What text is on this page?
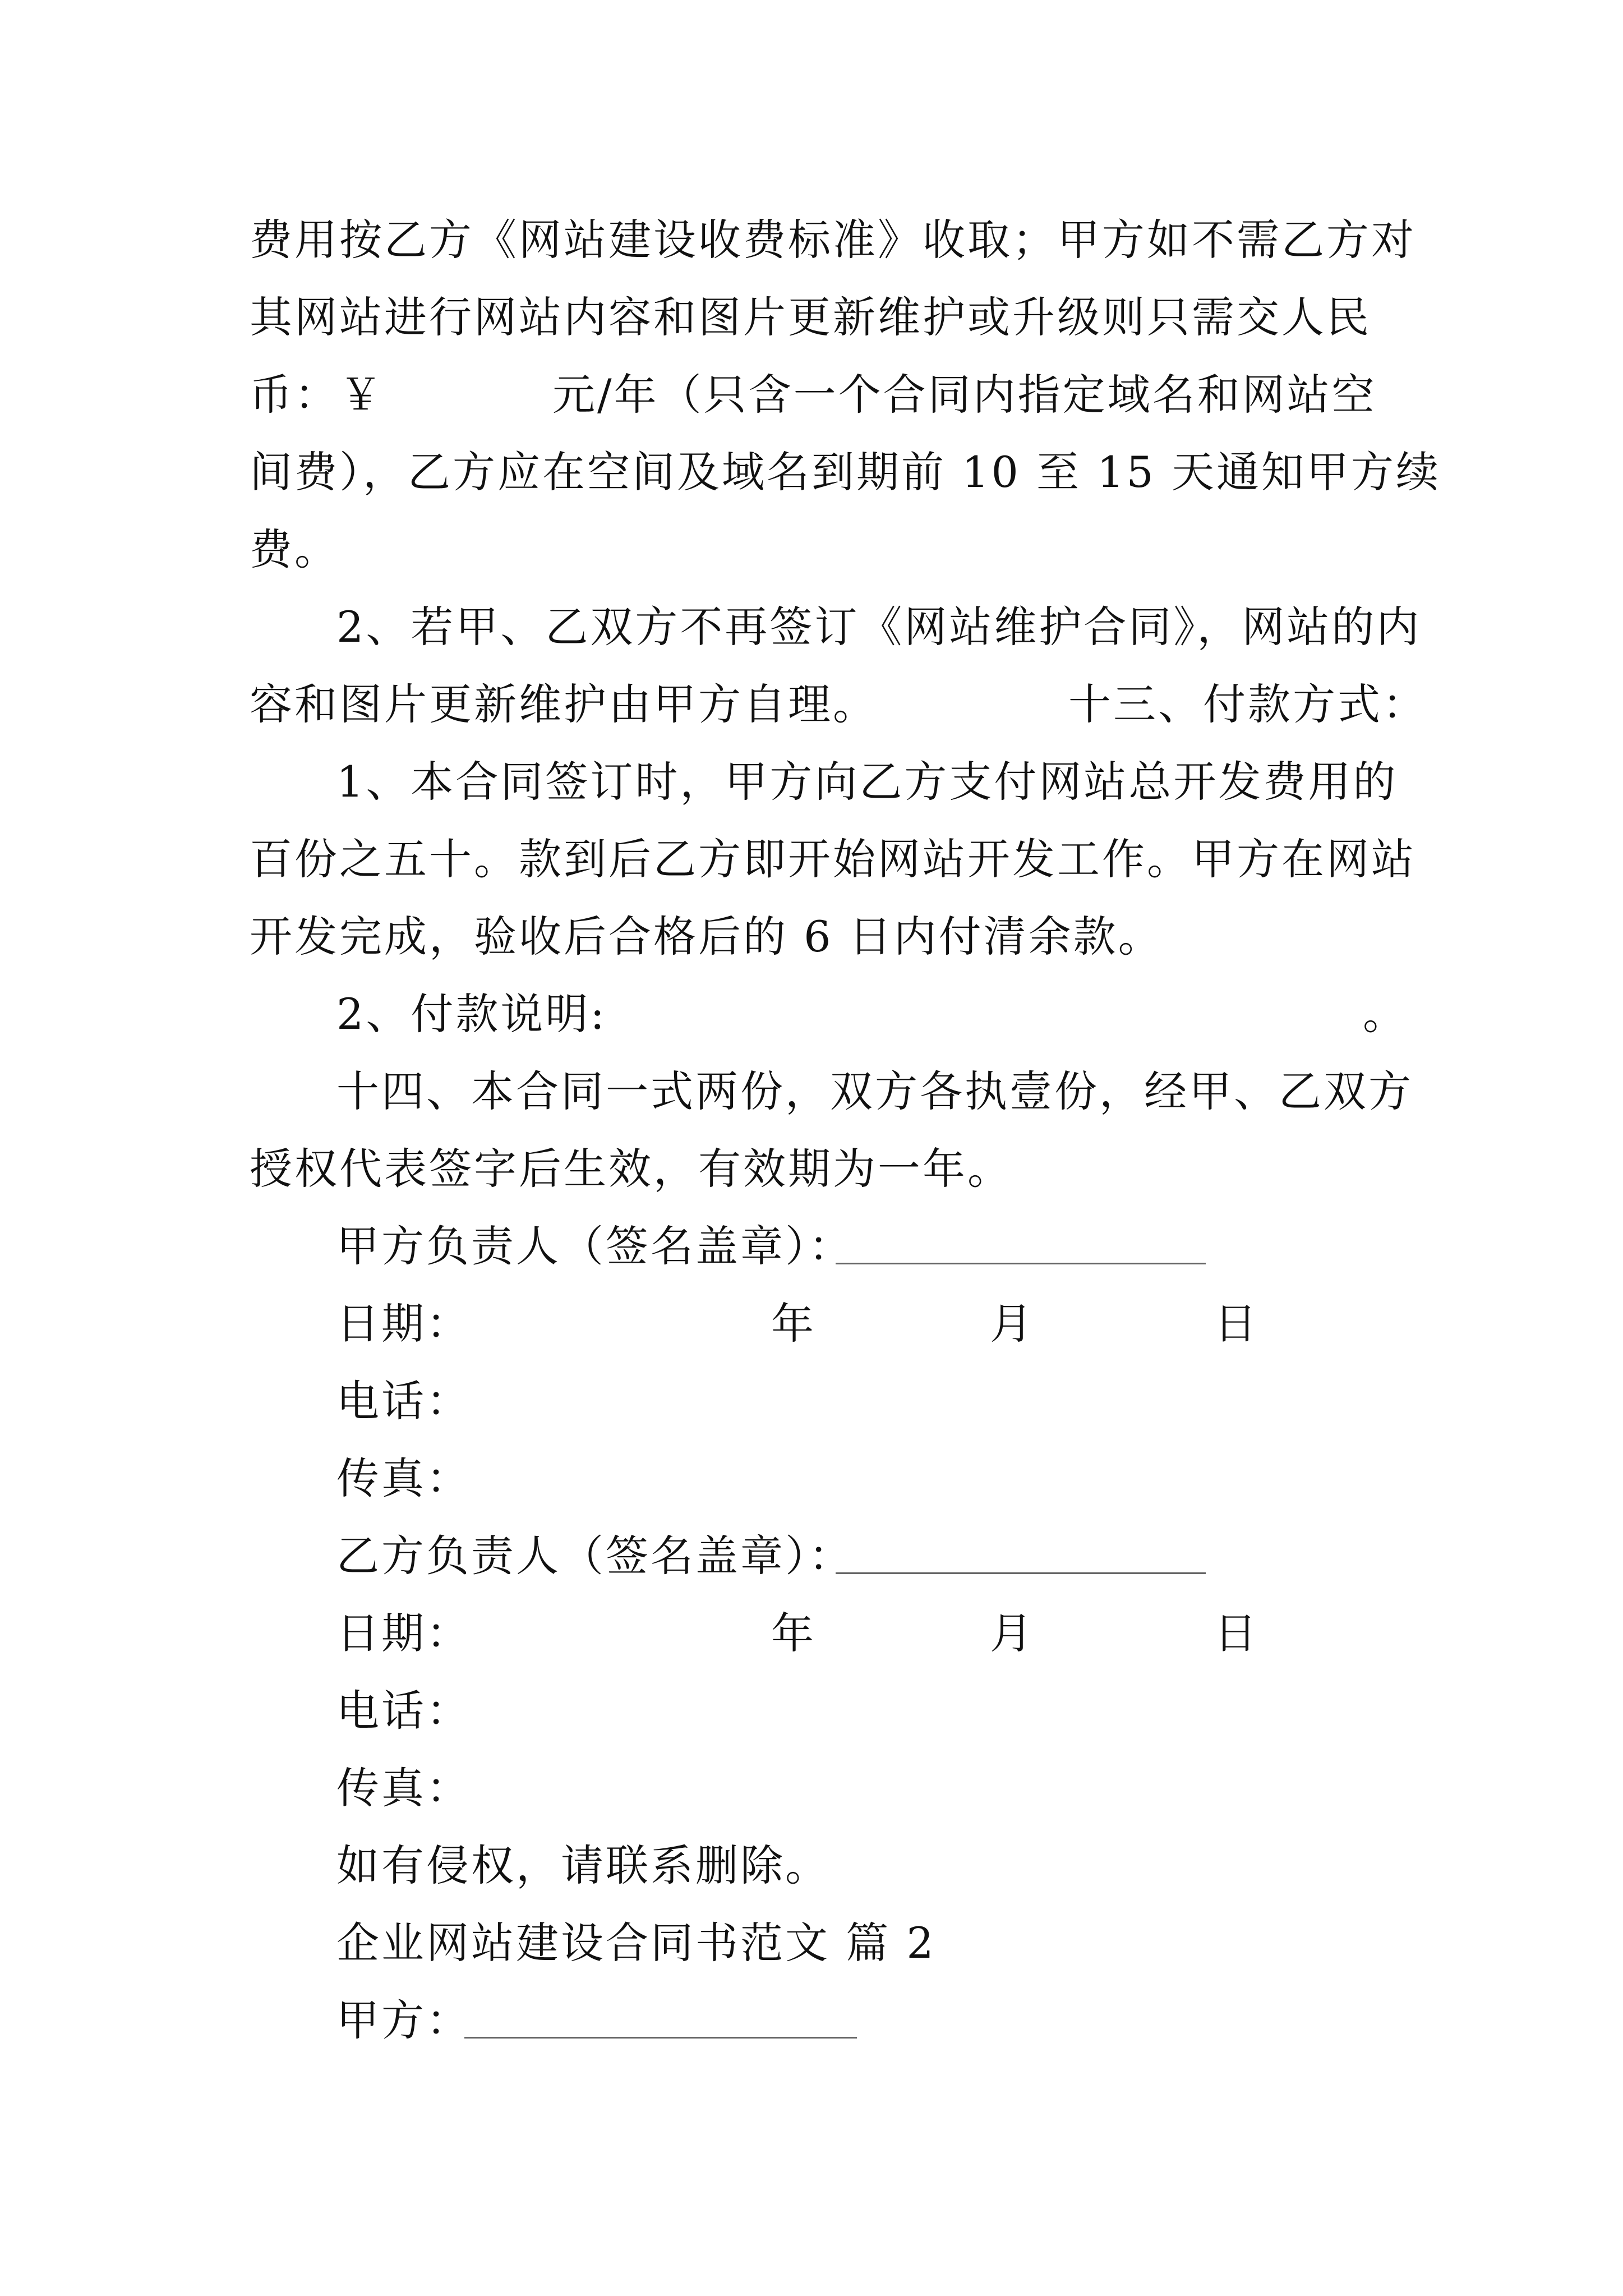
费用按乙方《网站建设收费标准》收取；甲方如不需乙方对
其网站进行网站内容和图片更新维护或升级则只需交人民
币：￥	元/年（只含一个合同内指定域名和网站空
间费），乙方应在空间及域名到期前 10 至 15 天通知甲方续
费。
2、若甲、乙双方不再签订《网站维护合同》，网站的内
容和图片更新维护由甲方自理。	十三、付款方式：
1、本合同签订时，甲方向乙方支付网站总开发费用的
百份之五十。款到后乙方即开始网站开发工作。甲方在网站
开发完成，验收后合格后的 6 日内付清余款。
2、付款说明:	。
十四、本合同一式两份，双方各执壹份，经甲、乙双方
授权代表签字后生效，有效期为一年。
甲方负责人（签名盖章）：
日期：	年	月	日
电话：
传真：
乙方负责人（签名盖章）：
日期：	年	月	日
电话：
传真：
如有侵权，请联系删除。
企业网站建设合同书范文 篇 2
甲方：
